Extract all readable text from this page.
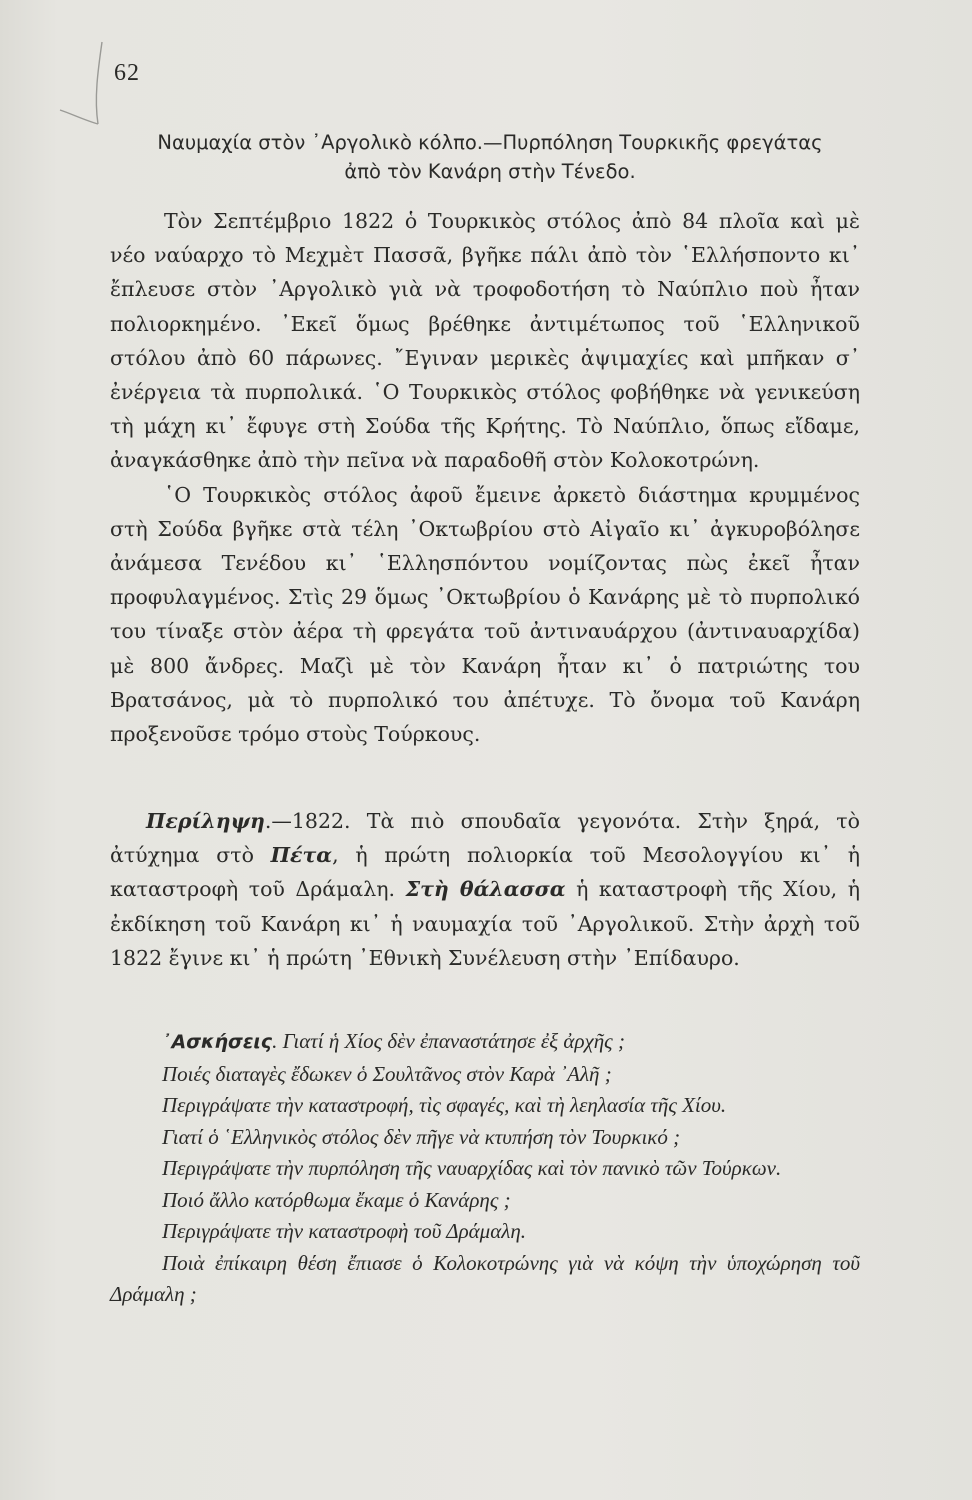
62
Ναυμαχία στὸν ᾿Αργολικὸ κόλπο.—Πυρπόληση Τουρκικῆς φρεγάτας
ἀπὸ τὸν Κανάρη στὴν Τένεδο.

Τὸν Σεπτέμβριο 1822 ὁ Τουρκικὸς στόλος ἀπὸ 84 πλοῖα καὶ μὲ νέο ναύαρχο τὸ Μεχμὲτ Πασσᾶ, βγῆκε πάλι ἀπὸ τὸν ῾Ελλήσποντο κι᾿ ἔπλευσε στὸν ᾿Αργολικὸ γιὰ νὰ τροφοδοτήση τὸ Ναύπλιο ποὺ ἦταν πολιορκημένο. ᾿Εκεῖ ὅμως βρέθηκε ἀντιμέτωπος τοῦ ῾Ελληνικοῦ στόλου ἀπὸ 60 πάρωνες. ῎Εγιναν μερικὲς ἀψιμαχίες καὶ μπῆκαν σ᾿ ἐνέργεια τὰ πυρπολικά. ῾Ο Τουρκικὸς στόλος φοβήθηκε νὰ γενικεύση τὴ μάχη κι᾿ ἔφυγε στὴ Σούδα τῆς Κρήτης. Τὸ Ναύπλιο, ὅπως εἴδαμε, ἀναγκάσθηκε ἀπὸ τὴν πεῖνα νὰ παραδοθῆ στὸν Κολοκοτρώνη.

῾Ο Τουρκικὸς στόλος ἀφοῦ ἔμεινε ἀρκετὸ διάστημα κρυμμένος στὴ Σούδα βγῆκε στὰ τέλη ᾿Οκτωβρίου στὸ Αἰγαῖο κι᾿ ἀγκυροβόλησε ἀνάμεσα Τενέδου κι᾿ ῾Ελλησπόντου νομίζοντας πὼς ἐκεῖ ἦταν προφυλαγμένος. Στὶς 29 ὅμως ᾿Οκτωβρίου ὁ Κανάρης μὲ τὸ πυρπολικό του τίναξε στὸν ἀέρα τὴ φρεγάτα τοῦ ἀντιναυάρχου (ἀντιναυαρχίδα) μὲ 800 ἄνδρες. Μαζὶ μὲ τὸν Κανάρη ἦταν κι᾿ ὁ πατριώτης του Βρατσάνος, μὰ τὸ πυρπολικό του ἀπέτυχε. Τὸ ὄνομα τοῦ Κανάρη προξενοῦσε τρόμο στοὺς Τούρκους.

Περίληψη.—1822. Τὰ πιὸ σπουδαῖα γεγονότα. Στὴν ξηρά, τὸ ἀτύχημα στὸ Πέτα, ἡ πρώτη πολιορκία τοῦ Μεσολογγίου κι᾿ ἡ καταστροφὴ τοῦ Δράμαλη. Στὴ θάλασσα ἡ καταστροφὴ τῆς Χίου, ἡ ἐκδίκηση τοῦ Κανάρη κι᾿ ἡ ναυμαχία τοῦ ᾿Αργολικοῦ. Στὴν ἀρχὴ τοῦ 1822 ἔγινε κι᾿ ἡ πρώτη ᾿Εθνικὴ Συνέλευση στὴν ᾿Επίδαυρο.

᾿Ασκήσεις. Γιατί ἡ Χίος δὲν ἐπαναστάτησε ἐξ ἀρχῆς ;

Ποιές διαταγὲς ἔδωκεν ὁ Σουλτᾶνος στὸν Καρὰ ᾿Αλῆ ;

Περιγράψατε τὴν καταστροφή, τὶς σφαγές, καὶ τὴ λεηλασία τῆς Χίου.

Γιατί ὁ ῾Ελληνικὸς στόλος δὲν πῆγε νὰ κτυπήση τὸν Τουρκικό ;

Περιγράψατε τὴν πυρπόληση τῆς ναυαρχίδας καὶ τὸν πανικὸ τῶν Τούρκων.

Ποιό ἄλλο κατόρθωμα ἔκαμε ὁ Κανάρης ;

Περιγράψατε τὴν καταστροφὴ τοῦ Δράμαλη.

Ποιὰ ἐπίκαιρη θέση ἔπιασε ὁ Κολοκοτρώνης γιὰ νὰ κόψη τὴν ὑποχώρηση τοῦ Δράμαλη ;
